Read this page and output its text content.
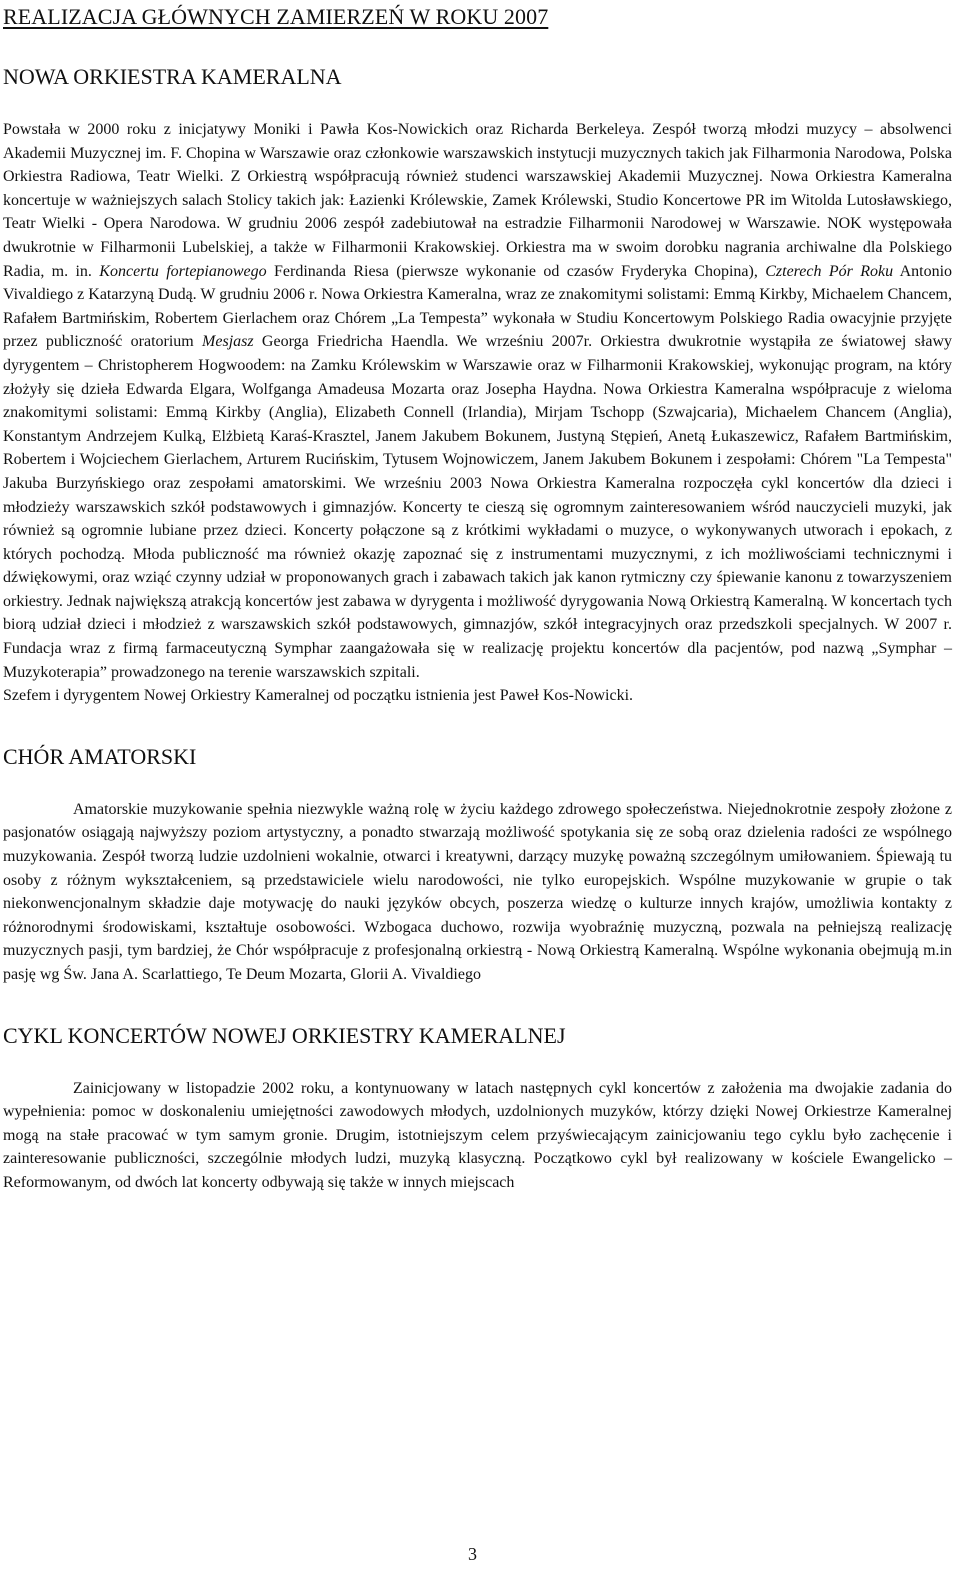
REALIZACJA GŁÓWNYCH ZAMIERZEŃ W ROKU 2007
NOWA ORKIESTRA KAMERALNA

Powstała w 2000 roku z inicjatywy Moniki i Pawła Kos-Nowickich oraz Richarda Berkeleya. Zespół tworzą młodzi muzycy – absolwenci Akademii Muzycznej im. F. Chopina w Warszawie oraz członkowie warszawskich instytucji muzycznych takich jak Filharmonia Narodowa, Polska Orkiestra Radiowa, Teatr Wielki. Z Orkiestrą współpracują również studenci warszawskiej Akademii Muzycznej. Nowa Orkiestra Kameralna koncertuje w ważniejszych salach Stolicy takich jak: Łazienki Królewskie, Zamek Królewski, Studio Koncertowe PR im Witolda Lutosławskiego, Teatr Wielki - Opera Narodowa. W grudniu 2006 zespół zadebiutował na estradzie Filharmonii Narodowej w Warszawie. NOK występowała dwukrotnie w Filharmonii Lubelskiej, a także w Filharmonii Krakowskiej. Orkiestra ma w swoim dorobku nagrania archiwalne dla Polskiego Radia, m. in. Koncertu fortepianowego Ferdinanda Riesa (pierwsze wykonanie od czasów Fryderyka Chopina), Czterech Pór Roku Antonio Vivaldiego z Katarzyną Dudą. W grudniu 2006 r. Nowa Orkiestra Kameralna, wraz ze znakomitymi solistami: Emmą Kirkby, Michaelem Chancem, Rafałem Bartmińskim, Robertem Gierlachem oraz Chórem „La Tempesta” wykonała w Studiu Koncertowym Polskiego Radia owacyjnie przyjęte przez publiczność oratorium Mesjasz Georga Friedricha Haendla. We wrześniu 2007r. Orkiestra dwukrotnie wystąpiła ze światowej sławy dyrygentem – Christopherem Hogwoodem: na Zamku Królewskim w Warszawie oraz w Filharmonii Krakowskiej, wykonując program, na który złożyły się dzieła Edwarda Elgara, Wolfganga Amadeusa Mozarta oraz Josepha Haydna. Nowa Orkiestra Kameralna współpracuje z wieloma znakomitymi solistami: Emmą Kirkby (Anglia), Elizabeth Connell (Irlandia), Mirjam Tschopp (Szwajcaria), Michaelem Chancem (Anglia), Konstantym Andrzejem Kulką, Elżbietą Karaś-Krasztel, Janem Jakubem Bokunem, Justyną Stępień, Anetą Łukaszewicz, Rafałem Bartmińskim, Robertem i Wojciechem Gierlachem, Arturem Rucińskim, Tytusem Wojnowiczem, Janem Jakubem Bokunem i zespołami: Chórem "La Tempesta" Jakuba Burzyńskiego oraz zespołami amatorskimi. We wrześniu 2003 Nowa Orkiestra Kameralna rozpoczęła cykl koncertów dla dzieci i młodzieży warszawskich szkół podstawowych i gimnazjów. Koncerty te cieszą się ogromnym zainteresowaniem wśród nauczycieli muzyki, jak również są ogromnie lubiane przez dzieci. Koncerty połączone są z krótkimi wykładami o muzyce, o wykonywanych utworach i epokach, z których pochodzą. Młoda publiczność ma również okazję zapoznać się z instrumentami muzycznymi, z ich możliwościami technicznymi i dźwiękowymi, oraz wziąć czynny udział w proponowanych grach i zabawach takich jak kanon rytmiczny czy śpiewanie kanonu z towarzyszeniem orkiestry. Jednak największą atrakcją koncertów jest zabawa w dyrygenta i możliwość dyrygowania Nową Orkiestrą Kameralną. W koncertach tych biorą udział dzieci i młodzież z warszawskich szkół podstawowych, gimnazjów, szkół integracyjnych oraz przedszkoli specjalnych. W 2007 r. Fundacja wraz z firmą farmaceutyczną Symphar zaangażowała się w realizację projektu koncertów dla pacjentów, pod nazwą „Symphar – Muzykoterapia” prowadzonego na terenie warszawskich szpitali.

Szefem i dyrygentem Nowej Orkiestry Kameralnej od początku istnienia jest Paweł Kos-Nowicki.

CHÓR AMATORSKI

Amatorskie muzykowanie spełnia niezwykle ważną rolę w życiu każdego zdrowego społeczeństwa. Niejednokrotnie zespoły złożone z pasjonatów osiągają najwyższy poziom artystyczny, a ponadto stwarzają możliwość spotykania się ze sobą oraz dzielenia radości ze wspólnego muzykowania. Zespół tworzą ludzie uzdolnieni wokalnie, otwarci i kreatywni, darzący muzykę poważną szczególnym umiłowaniem. Śpiewają tu osoby z różnym wykształceniem, są przedstawiciele wielu narodowości, nie tylko europejskich. Wspólne muzykowanie w grupie o tak niekonwencjonalnym składzie daje motywację do nauki języków obcych, poszerza wiedzę o kulturze innych krajów, umożliwia kontakty z różnorodnymi środowiskami, kształtuje osobowości. Wzbogaca duchowo, rozwija wyobraźnię muzyczną, pozwala na pełniejszą realizację muzycznych pasji, tym bardziej, że Chór współpracuje z profesjonalną orkiestrą - Nową Orkiestrą Kameralną. Wspólne wykonania obejmują m.in pasję wg Św. Jana A. Scarlattiego, Te Deum Mozarta, Glorii A. Vivaldiego

CYKL KONCERTÓW NOWEJ ORKIESTRY KAMERALNEJ

Zainicjowany w listopadzie 2002 roku, a kontynuowany w latach następnych cykl koncertów z założenia ma dwojakie zadania do wypełnienia: pomoc w doskonaleniu umiejętności zawodowych młodych, uzdolnionych muzyków, którzy dzięki Nowej Orkiestrze Kameralnej mogą na stałe pracować w tym samym gronie. Drugim, istotniejszym celem przyświecającym zainicjowaniu tego cyklu było zachęcenie i zainteresowanie publiczności, szczególnie młodych ludzi, muzyką klasyczną. Początkowo cykl był realizowany w kościele Ewangelicko – Reformowanym, od dwóch lat koncerty odbywają się także w innych miejscach

3
